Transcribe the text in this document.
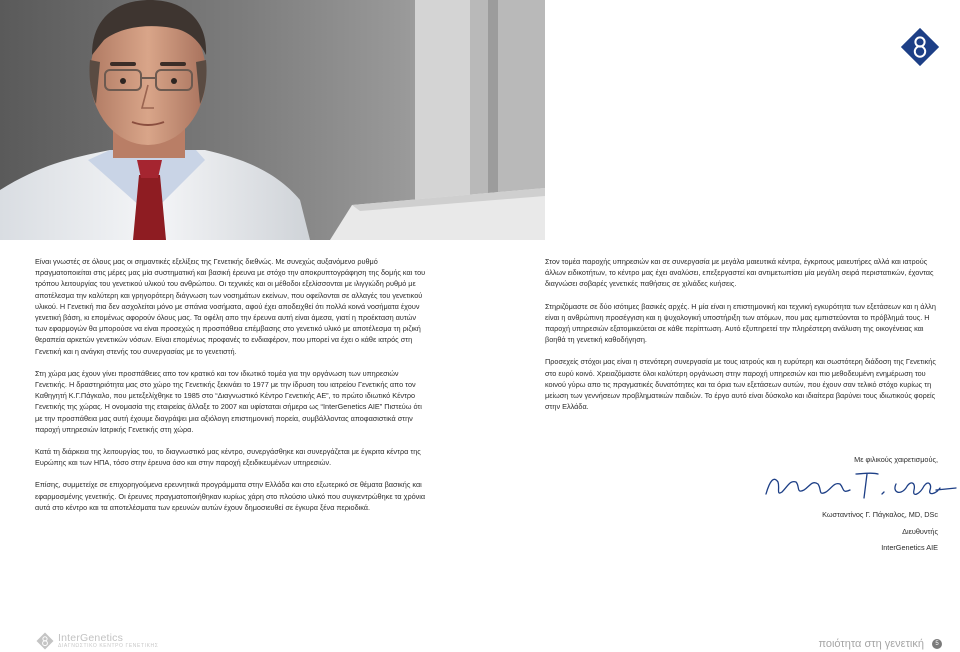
Είναι γνωστές σε όλους μας οι σημαντικές εξελίξεις της Γενετικής διεθνώς. Με συνεχώς αυξανόμενο ρυθμό πραγματοποιείται στις μέρες μας μία συστηματική και βασική έρευνα με στόχο την αποκρυπτογράφηση της δομής και του τρόπου λειτουργίας του γενετικού υλικού του ανθρώπου. Οι τεχνικές και οι μέθοδοι εξελίσσονται με ιλιγγιώδη ρυθμό με αποτέλεσμα την καλύτερη και γρηγορότερη διάγνωση των νοσημάτων εκείνων, που οφείλονται σε αλλαγές του γενετικού υλικού. Η Γενετική πια δεν ασχολείται μόνο με σπάνια νοσήματα, αφού έχει αποδειχθεί ότι πολλά κοινά νοσήματα έχουν γενετική βάση, κι επομένως αφορούν όλους μας. Τα οφέλη απο την έρευνα αυτή είναι άμεσα, γιατί η προέκταση αυτών των εφαρμογών θα μπορούσε να είναι προσεχώς η προσπάθεια επέμβασης στο γενετικό υλικό με αποτέλεσμα τη ριζική θεραπεία αρκετών γενετικών νόσων. Είναι επομένως προφανές το ενδιαφέρον, που μπορεί να έχει ο κάθε ιατρός στη Γενετική και η ανάγκη στενής του συνεργασίας με το γενετιστή.

Στη χώρα μας έχουν γίνει προσπάθειες απο τον κρατικό και τον ιδιωτικό τομέα για την οργάνωση των υπηρεσιών Γενετικής. Η δραστηριότητα μας στο χώρο της Γενετικής ξεκινάει το 1977 με την ίδρυση του ιατρείου Γενετικής απο τον Καθηγητή Κ.Γ.Πάγκαλο, που μετεξελίχθηκε το 1985 στο “Διαγνωστικό Κέντρο Γενετικής ΑΕ”, το πρώτο ιδιωτικό Κέντρο Γενετικής της χώρας. Η ονομασία της εταιρείας άλλαξε το 2007 και υφίσταται σήμερα ως “InterGenetics AIE” Πιστεύω ότι με την προσπάθεια μας αυτή έχουμε διαγράψει μια αξιόλογη επιστημονική πορεία, συμβάλλοντας αποφασιστικά στην παροχή υπηρεσιών Ιατρικής Γενετικής στη χώρα.

Κατά τη διάρκεια της λειτουργίας του, το διαγνωστικό μας κέντρο, συνεργάσθηκε και συνεργάζεται με έγκριτα κέντρα της Ευρώπης και των ΗΠΑ, τόσο στην έρευνα όσο και στην παροχή εξειδικευμένων υπηρεσιών.

Επίσης, συμμετείχε σε επιχορηγούμενα ερευνητικά προγράμματα στην Ελλάδα και στο εξωτερικό σε θέματα βασικής και εφαρμοσμένης γενετικής. Οι έρευνες πραγματοποιήθηκαν κυρίως χάρη στο πλούσιο υλικό που συγκεντρώθηκε τα χρόνια αυτά στο κέντρο και τα αποτελέσματα των ερευνών αυτών έχουν δημοσιευθεί σε έγκυρα ξένα περιοδικά.

Στον τομέα παροχής υπηρεσιών και σε συνεργασία με μεγάλα μαιευτικά κέντρα, έγκριτους μαιευτήρες αλλά και ιατρούς άλλων ειδικοτήτων, το κέντρο μας έχει αναλύσει, επεξεργαστεί και αντιμετωπίσει μία μεγάλη σειρά περιστατικών, έχοντας διαγνώσει σοβαρές γενετικές παθήσεις σε χιλιάδες κυήσεις.

Στηριζόμαστε σε δύο ισότιμες βασικές αρχές. Η μία είναι η επιστημονική και τεχνική εγκυρότητα των εξετάσεων και η άλλη είναι η ανθρώπινη προσέγγιση και η ψυχολογική υποστήριξη των ατόμων, που μας εμπιστεύονται το πρόβλημά τους. Η παροχή υπηρεσιών εξατομικεύεται σε κάθε περίπτωση. Αυτό εξυπηρετεί την πληρέστερη ανάλυση της οικογένειας και βοηθά τη γενετική καθοδήγηση.

Προσεχείς στόχοι μας είναι η στενότερη συνεργασία με τους ιατρούς και η ευρύτερη και σωστότερη διάδοση της Γενετικής στο ευρύ κοινό. Χρειαζόμαστε όλοι καλύτερη οργάνωση στην παροχή υπηρεσιών και πιο μεθοδευμένη ενημέρωση του κοινού γύρω απο τις πραγματικές δυνατότητες και τα όρια των εξετάσεων αυτών, που έχουν σαν τελικό στόχο κυρίως τη μείωση των γεννήσεων προβληματικών παιδιών. Το έργο αυτό είναι δύσκολο και ιδιαίτερα βαρύνει τους ιδιωτικούς φορείς στην Ελλάδα.

Με φιλικούς χαιρετισμούς,
Κωσταντίνος Γ. Πάγκαλος, MD, DSc
Διευθυντής
InterGenetics AIE
InterGenetics
ΔΙΑΓΝΩΣΤΙΚΟ ΚΕΝΤΡΟ ΓΕΝΕΤΙΚΗΣ	ποιότητα στη γενετική	5
